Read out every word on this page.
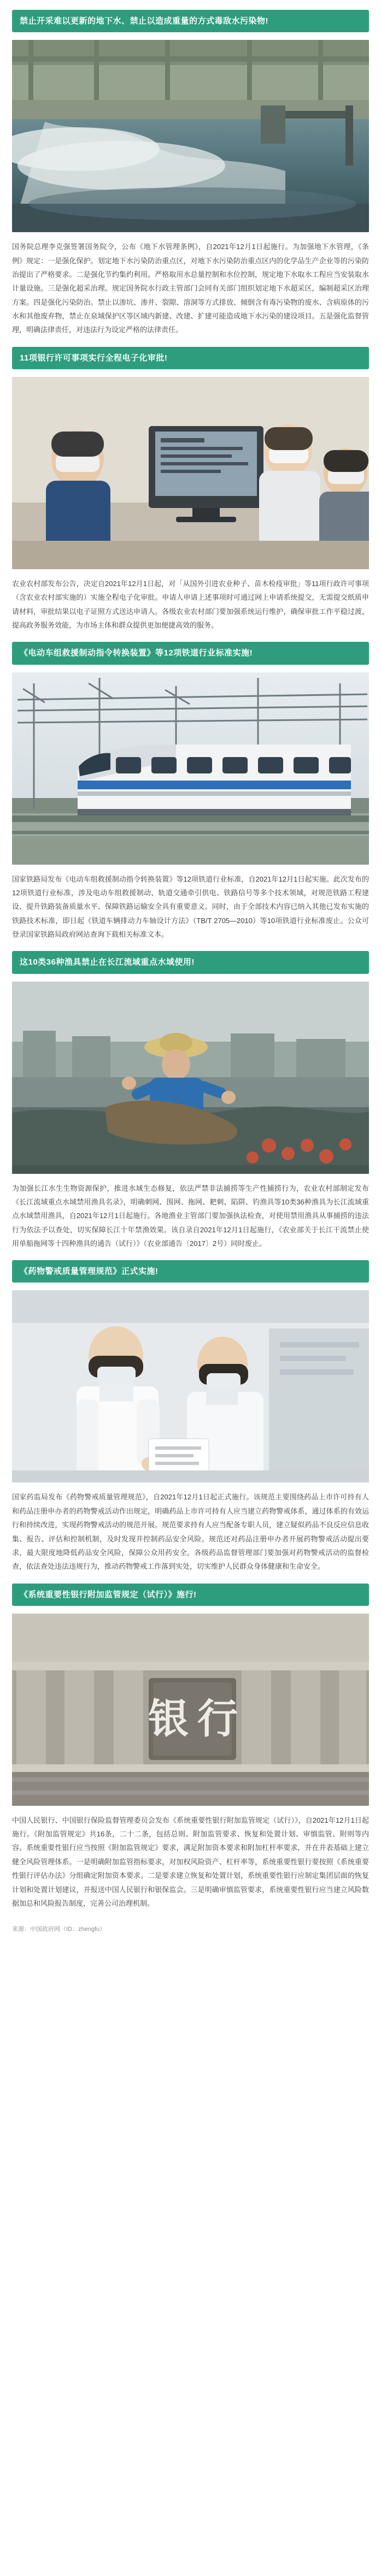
禁止开采难以更新的地下水、禁止以造成重量的方式毒敌水污染物!

国务院总理李克强签署国务院令，公布《地下水管理条例》，自2021年12月1日起施行。为加强地下水管理，《条例》规定：一是强化保护。划定地下水污染防治重点区，对地下水污染防治重点区内的化学品生产企业等的污染防治提出了严格要求。二是强化节约集约利用。严格取用水总量控制和水位控制，规定地下水取水工程应当安装取水计量设施。三是强化超采治理。规定国务院水行政主管部门会同有关部门组织划定地下水超采区，编制超采区治理方案。四是强化污染防治。禁止以渗坑、渗井、裂隙、溶洞等方式排放、倾倒含有毒污染物的废水、含病原体的污水和其他废弃物，禁止在泉域保护区等区域内新建、改建、扩建可能造成地下水污染的建设项目。五是强化监督管理，明确法律责任，对违法行为设定严格的法律责任。

11项银行许可事项实行全程电子化审批!

农业农村部发布公告，决定自2021年12月1日起，对「从国外引进农业种子、苗木检疫审批」等11项行政许可事项（含农业农村部实施的）实施全程电子化审批。申请人申请上述事项时可通过网上申请系统提交，无需提交纸质申请材料，审批结果以电子证照方式送达申请人。各级农业农村部门要加强系统运行维护，确保审批工作平稳过渡，提高政务服务效能，为市场主体和群众提供更加便捷高效的服务。

《电动车组救援制动指令转换装置》等12项铁道行业标准实施!

国家铁路局发布《电动车组救援制动指令转换装置》等12项铁道行业标准，自2021年12月1日起实施。此次发布的12项铁道行业标准，涉及电动车组救援制动、轨道交通牵引供电、铁路信号等多个技术领域，对规范铁路工程建设、提升铁路装备质量水平、保障铁路运输安全具有重要意义。同时，由于全部技术内容已纳入其他已发布实施的铁路技术标准，即日起《铁道车辆排动力车轴设计方法》（TB/T 2705—2010）等10项铁道行业标准废止。公众可登录国家铁路局政府网站查询下载相关标准文本。

这10类36种渔具禁止在长江流域重点水域使用!

为加强长江水生生物资源保护，推进水域生态修复，依法严禁非法捕捞等生产性捕捞行为，农业农村部制定发布《长江流域重点水域禁用渔具名录》，明确刺网、围网、拖网、耙刺、陷阱、钓渔具等10类36种渔具为长江流域重点水域禁用渔具，自2021年12月1日起施行。各地渔业主管部门要加强执法检查，对使用禁用渔具从事捕捞的违法行为依法予以查处，切实保障长江十年禁渔效果。该自录自2021年12月1日起施行，《农业部关于长江干流禁止使用单船拖网等十四种渔具的通告（试行）》（农业部通告〔2017〕2号）同时废止。

《药物警戒质量管理规范》正式实施!

国家药监局发布《药物警戒质量管理规范》，自2021年12月1日起正式施行。该规范主要围绕药品上市许可持有人和药品注册申办者的药物警戒活动作出规定，明确药品上市许可持有人应当建立药物警戒体系，通过体系的有效运行和持续改进，实现药物警戒活动的规范开展。规范要求持有人应当配备专职人员，建立疑似药品不良反应信息收集、报告、评估和控制机制，及时发现并控制药品安全风险。规范还对药品注册申办者开展药物警戒活动提出要求，最大限度地降低药品安全风险，保障公众用药安全。各级药品监督管理部门要加强对药物警戒活动的监督检查，依法查处违法违规行为，推动药物警戒工作落到实处，切实维护人民群众身体健康和生命安全。

《系统重要性银行附加监管规定（试行）》施行!
银 行

中国人民银行、中国银行保险监督管理委员会发布《系统重要性银行附加监管规定（试行）》，自2021年12月1日起施行。《附加监管规定》共16条，二十二条，包括总则、附加监管要求、恢复和处置计划、审慎监管、附则等内容。系统重要性银行应当按照《附加监管规定》要求，满足附加资本要求和附加杠杆率要求，并在并表基础上建立健全风险管理体系。一是明确附加监管指标要求，对加权风险资产、杠杆率等，系统重要性银行要按照《系统重要性银行评估办法》分组确定附加资本要求。二是要求建立恢复和处置计划，系统重要性银行应制定集团层面的恢复计划和处置计划建议，并报送中国人民银行和银保监会。三是明确审慎监管要求，系统重要性银行应当建立风险数据加总和风险报告制度，完善公司治理机制。

来源：中国政府网（ID：zhengfu）
